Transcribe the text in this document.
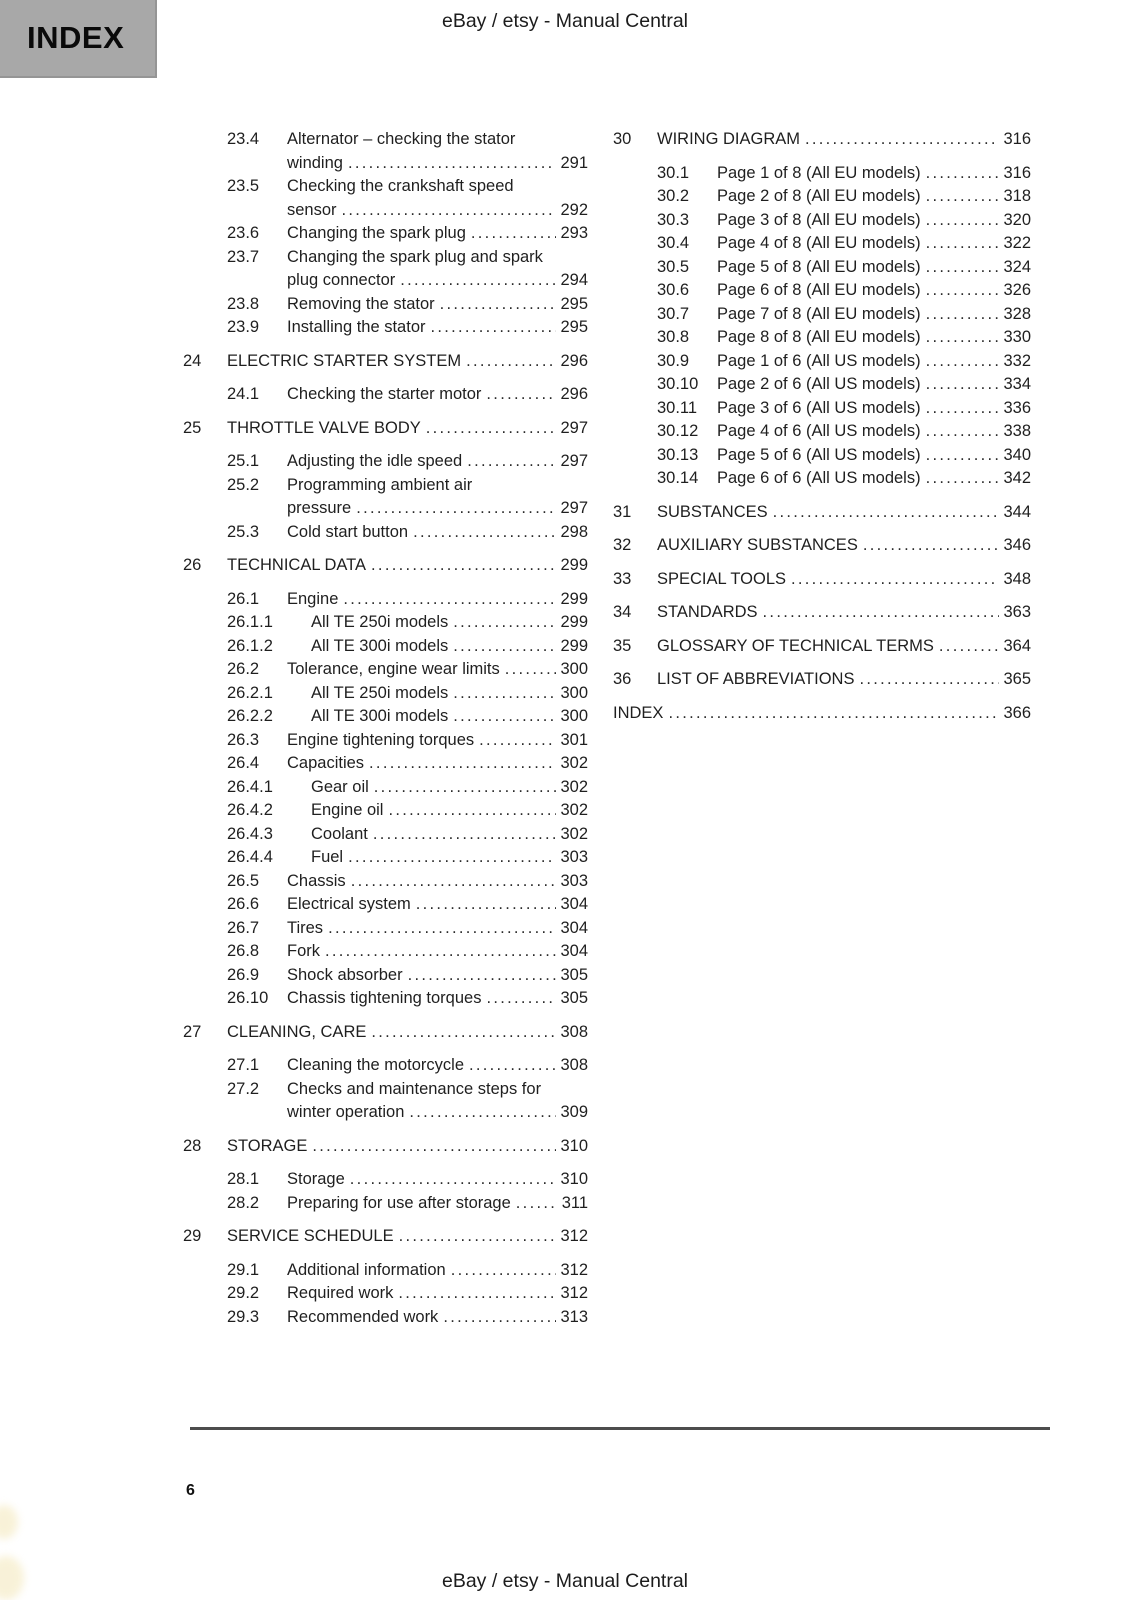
INDEX	eBay / etsy - Manual Central
23.4	Alternator – checking the stator
winding .....	291
23.5	Checking the crankshaft speed
sensor .....	292
23.6	Changing the spark plug .....	293
23.7	Changing the spark plug and spark
plug connector .....	294
23.8	Removing the stator .....	295
23.9	Installing the stator .....	295
24	ELECTRIC STARTER SYSTEM .....	296
24.1	Checking the starter motor .....	296
25	THROTTLE VALVE BODY .....	297
25.1	Adjusting the idle speed .....	297
25.2	Programming ambient air
pressure .....	297
25.3	Cold start button .....	298
26	TECHNICAL DATA .....	299
26.1	Engine .....	299
26.1.1	All TE 250i models .....	299
26.1.2	All TE 300i models .....	299
26.2	Tolerance, engine wear limits .....	300
26.2.1	All TE 250i models .....	300
26.2.2	All TE 300i models .....	300
26.3	Engine tightening torques .....	301
26.4	Capacities .....	302
26.4.1	Gear oil .....	302
26.4.2	Engine oil .....	302
26.4.3	Coolant .....	302
26.4.4	Fuel .....	303
26.5	Chassis .....	303
26.6	Electrical system .....	304
26.7	Tires .....	304
26.8	Fork .....	304
26.9	Shock absorber .....	305
26.10	Chassis tightening torques .....	305
27	CLEANING, CARE .....	308
27.1	Cleaning the motorcycle .....	308
27.2	Checks and maintenance steps for
winter operation .....	309
28	STORAGE .....	310
28.1	Storage .....	310
28.2	Preparing for use after storage .....	311
29	SERVICE SCHEDULE .....	312
29.1	Additional information .....	312
29.2	Required work .....	312
29.3	Recommended work .....	313
30	WIRING DIAGRAM .....	316
30.1	Page 1 of 8 (All EU models) .....	316
30.2	Page 2 of 8 (All EU models) .....	318
30.3	Page 3 of 8 (All EU models) .....	320
30.4	Page 4 of 8 (All EU models) .....	322
30.5	Page 5 of 8 (All EU models) .....	324
30.6	Page 6 of 8 (All EU models) .....	326
30.7	Page 7 of 8 (All EU models) .....	328
30.8	Page 8 of 8 (All EU models) .....	330
30.9	Page 1 of 6 (All US models) .....	332
30.10	Page 2 of 6 (All US models) .....	334
30.11	Page 3 of 6 (All US models) .....	336
30.12	Page 4 of 6 (All US models) .....	338
30.13	Page 5 of 6 (All US models) .....	340
30.14	Page 6 of 6 (All US models) .....	342
31	SUBSTANCES .....	344
32	AUXILIARY SUBSTANCES .....	346
33	SPECIAL TOOLS .....	348
34	STANDARDS .....	363
35	GLOSSARY OF TECHNICAL TERMS .....	364
36	LIST OF ABBREVIATIONS .....	365
INDEX .....	366
6
eBay / etsy - Manual Central
